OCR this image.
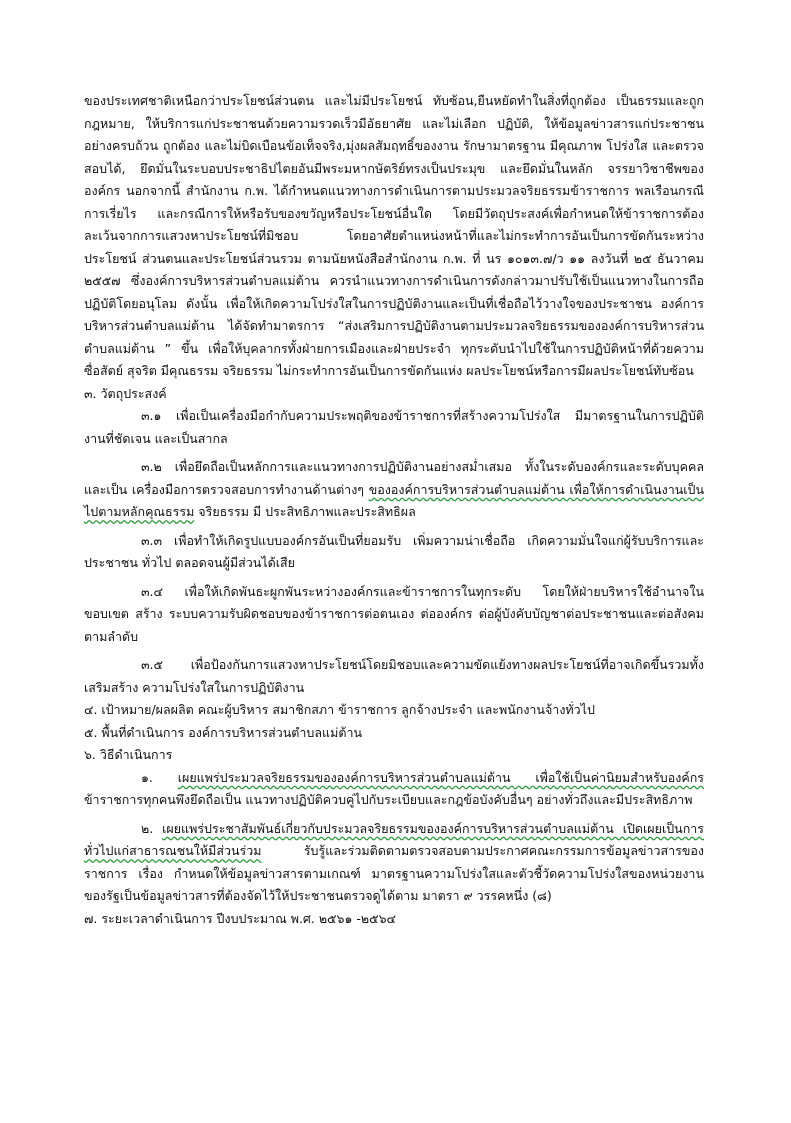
ของประเทศชาติเหนือกว่าประโยชน์ส่วนตน และไม่มีประโยชน์ ทับซ้อน,ยืนหยัดทำในสิ่งที่ถูกต้อง เป็นธรรมและถูกกฎหมาย, ให้บริการแก่ประชาชนด้วยความรวดเร็วมีอัธยาศัย และไม่เลือก ปฏิบัติ, ให้ข้อมูลข่าวสารแก่ประชาชนอย่างครบถ้วน ถูกต้อง และไม่บิดเบือนข้อเท็จจริง,มุ่งผลสัมฤทธิ์ของงาน รักษามาตรฐาน มีคุณภาพ โปร่งใส และตรวจสอบได้, ยึดมั่นในระบอบประชาธิปไตยอันมีพระมหากษัตริย์ทรงเป็นประมุข และยึดมั่นในหลัก จรรยาวิชาชีพขององค์กร นอกจากนี้ สำนักงาน ก.พ. ได้กำหนดแนวทางการดำเนินการตามประมวลจริยธรรมข้าราชการ พลเรือนกรณีการเรี่ยไร และกรณีการให้หรือรับของขวัญหรือประโยชน์อื่นใด โดยมีวัตถุประสงค์เพื่อกำหนดให้ข้าราชการต้อง ละเว้นจากการแสวงหาประโยชน์ที่มิชอบ โดยอาศัยตำแหน่งหน้าที่และไม่กระทำการอันเป็นการขัดกันระหว่างประโยชน์ ส่วนตนและประโยชน์ส่วนรวม ตามนัยหนังสือสำนักงาน ก.พ. ที่ นร ๑๐๑๓.๗/ว ๑๑ ลงวันที่ ๒๕ ธันวาคม ๒๕๕๗ ซึ่งองค์การบริหารส่วนตำบลแม่ต้าน ควรนำแนวทางการดำเนินการดังกล่าวมาปรับใช้เป็นแนวทางในการถือปฏิบัติโดยอนุโลม ดังนั้น เพื่อให้เกิดความโปร่งใสในการปฏิบัติงานและเป็นที่เชื่อถือไว้วางใจของประชาชน องค์การบริหารส่วนตำบลแม่ต้าน ได้จัดทำมาตรการ “ส่งเสริมการปฏิบัติงานตามประมวลจริยธรรมขององค์การบริหารส่วนตำบลแม่ต้าน ” ขึ้น เพื่อให้บุคลากรทั้งฝ่ายการเมืองและฝ่ายประจำ ทุกระดับนำไปใช้ในการปฏิบัติหน้าที่ด้วยความซื่อสัตย์ สุจริต มีคุณธรรม จริยธรรม ไม่กระทำการอันเป็นการขัดกันแห่ง ผลประโยชน์หรือการมีผลประโยชน์ทับซ้อน

๓. วัตถุประสงค์

๓.๑ เพื่อเป็นเครื่องมือกำกับความประพฤติของข้าราชการที่สร้างความโปร่งใส มีมาตรฐานในการปฏิบัติงานที่ชัดเจน และเป็นสากล

๓.๒ เพื่อยึดถือเป็นหลักการและแนวทางการปฏิบัติงานอย่างสม่ำเสมอ ทั้งในระดับองค์กรและระดับบุคคลและเป็น เครื่องมือการตรวจสอบการทำงานด้านต่างๆ ขององค์การบริหารส่วนตำบลแม่ต้าน เพื่อให้การดำเนินงานเป็นไปตามหลักคุณธรรม จริยธรรม มี ประสิทธิภาพและประสิทธิผล

๓.๓ เพื่อทำให้เกิดรูปแบบองค์กรอันเป็นที่ยอมรับ เพิ่มความน่าเชื่อถือ เกิดความมั่นใจแก่ผู้รับบริการและประชาชน ทั่วไป ตลอดจนผู้มีส่วนได้เสีย

๓.๔ เพื่อให้เกิดพันธะผูกพันระหว่างองค์กรและข้าราชการในทุกระดับ โดยให้ฝ่ายบริหารใช้อำนาจในขอบเขต สร้าง ระบบความรับผิดชอบของข้าราชการต่อตนเอง ต่อองค์กร ต่อผู้บังคับบัญชาต่อประชาชนและต่อสังคมตามลำดับ

๓.๕ เพื่อป้องกันการแสวงหาประโยชน์โดยมิชอบและความขัดแย้งทางผลประโยชน์ที่อาจเกิดขึ้นรวมทั้งเสริมสร้าง ความโปร่งใสในการปฏิบัติงาน

๔. เป้าหมาย/ผลผลิต คณะผู้บริหาร สมาชิกสภา ข้าราชการ ลูกจ้างประจำ และพนักงานจ้างทั่วไป

๕. พื้นที่ดำเนินการ องค์การบริหารส่วนตำบลแม่ต้าน

๖. วิธีดำเนินการ

๑. เผยแพร่ประมวลจริยธรรมขององค์การบริหารส่วนตำบลแม่ต้าน เพื่อใช้เป็นค่านิยมสำหรับองค์กร ข้าราชการทุกคนพึงยึดถือเป็น แนวทางปฏิบัติควบคู่ไปกับระเบียบและกฎข้อบังคับอื่นๆ อย่างทั่วถึงและมีประสิทธิภาพ

๒. เผยแพร่ประชาสัมพันธ์เกี่ยวกับประมวลจริยธรรมขององค์การบริหารส่วนตำบลแม่ต้าน เปิดเผยเป็นการทั่วไปแก่สาธารณชนให้มีส่วนร่วม รับรู้และร่วมติดตามตรวจสอบตามประกาศคณะกรรมการข้อมูลข่าวสารของราชการ เรื่อง กำหนดให้ข้อมูลข่าวสารตามเกณฑ์ มาตรฐานความโปร่งใสและตัวชี้วัดความโปร่งใสของหน่วยงานของรัฐเป็นข้อมูลข่าวสารที่ต้องจัดไว้ให้ประชาชนตรวจดูได้ตาม มาตรา ๙ วรรคหนึ่ง (๘)

๗. ระยะเวลาดำเนินการ ปีงบประมาณ พ.ศ. ๒๕๖๑ -๒๕๖๔
